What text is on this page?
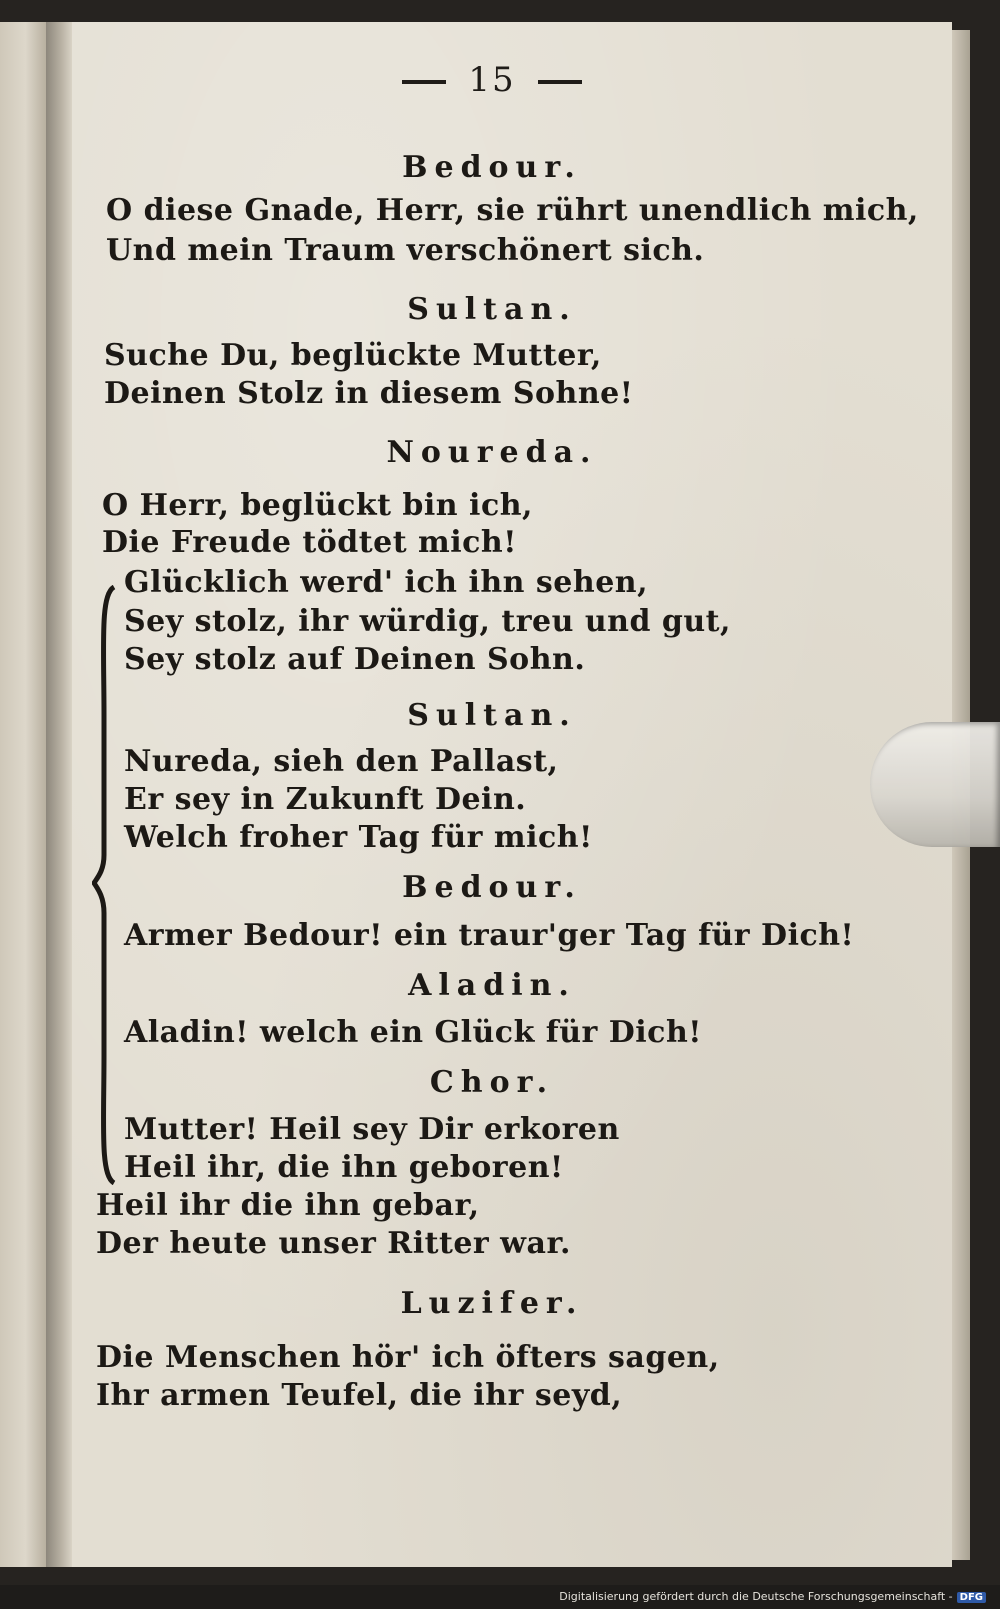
15
Bedour.
O diese Gnade, Herr, sie rührt unendlich mich,
Und mein Traum verschönert sich.
Sultan.
Suche Du, beglückte Mutter,
Deinen Stolz in diesem Sohne!
Noureda.
O Herr, beglückt bin ich,
Die Freude tödtet mich!
Glücklich werd' ich ihn sehen,
Sey stolz, ihr würdig, treu und gut,
Sey stolz auf Deinen Sohn.
Sultan.
Nureda, sieh den Pallast,
Er sey in Zukunft Dein.
Welch froher Tag für mich!
Bedour.
Armer Bedour! ein traur'ger Tag für Dich!
Aladin.
Aladin! welch ein Glück für Dich!
Chor.
Mutter! Heil sey Dir erkoren
Heil ihr, die ihn geboren!
Heil ihr die ihn gebar,
Der heute unser Ritter war.
Luzifer.
Die Menschen hör' ich öfters sagen,
Ihr armen Teufel, die ihr seyd,
Digitalisierung gefördert durch die Deutsche Forschungsgemeinschaft - DFG
